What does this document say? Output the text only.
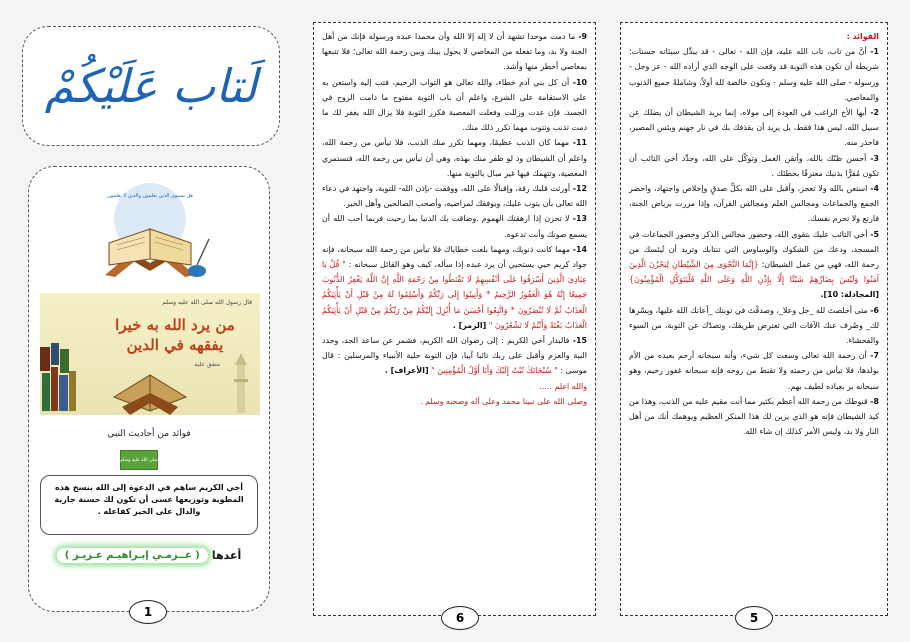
لَتاب عَلَيْكُمْ
هل يستوى الذين يعلمون والذين لا يعلمون
قال رسول الله صلى الله عليه وسلم
من يرد الله به خيرا يفقهه في الدين
متفق عليه
فوائد من أحاديث النبي
صلى الله عليه وسلم
أخي الكريم ساهم في الدعوة إلى الله بنسخ هذه المطوية وتوزيعها عسى أن تكون لك حسنة جارية والدال على الخير كفاعله .
أعدها
( عــزمـي إبـراهيـم عـزيـز )
1

9- ما دمت موحدا تشهد أن لا إله إلا الله وأن محمدا عبده ورسوله فإنك من أهل الجنة ولا بد، وما تفعله من المعاصي لا يحول بينك وبين رحمة الله تعالى؛ فلا تتبعها بمعاصي أخطر منها وأشد.

10- أن كل بني آدم خطاء، والله تعالى هو التواب الرحيم، فتب إليه واستعن به على الاستقامة على الشرع، واعلم أن باب التوبة مفتوح ما دامت الروح في الجسد، فإن عدت وزللت وفعلت المعصية فكرر التوبة فلا يزال الله يغفر لك ما دمت تذنب وتتوب مهما تكرر ذلك منك.

11- مهما كان الذنب عظيمًا، ومهما تكرر منك الذنب، فلا تيأس من رحمة الله، واعلم أن الشيطان ود لو ظفر منك بهذه، وهي أن تيأس من رحمة الله، فتستمري المعصية، وتتهمك فيها غير مبال بالتوبة منها.

12- أورثت قلبك رقة، وإقبالًا على الله، ووفقت -بإذن الله- للتوبة، واجتهد في دعاء الله تعالى بأن يتوب عليك، ويوفقك لمراضيه، وأصحب الصالحين وأهل الخير.

13- لا تحزن إذا ارهقتك الهموم .وضاقت بك الدنيا بما رحبت فربما أحب الله أن يسمع صوتك وأنت تدعوه.

14- مهما كانت ذنوبك، ومهما بلغت خطاياك فلا تيأس من رحمة الله سبحانه، فإنه جواد كريم حيي يستحيي أن يرد عبده إذا سأله، كيف وهو القائل سبحانه : " قُلْ يَا عِبَادِيَ الَّذِينَ أَسْرَفُوا عَلَى أَنْفُسِهِمْ لَا تَقْنَطُوا مِنْ رَحْمَةِ اللَّهِ إِنَّ اللَّهَ يَغْفِرُ الذُّنُوبَ جَمِيعًا إِنَّهُ هُوَ الْغَفُورُ الرَّحِيمُ * وَأَنِيبُوا إِلَى رَبِّكُمْ وَأَسْلِمُوا لَهُ مِنْ قَبْلِ أَنْ يَأْتِيَكُمُ الْعَذَابُ ثُمَّ لَا تُنْصَرُونَ * وَاتَّبِعُوا أَحْسَنَ مَا أُنْزِلَ إِلَيْكُمْ مِنْ رَبِّكُمْ مِنْ قَبْلِ أَنْ يَأْتِيَكُمُ الْعَذَابُ بَغْتَةً وَأَنْتُمْ لَا تَشْعُرُونَ " [الزمر] .

15- فالبدار أخي الكريم : إلى رضوان الله الكريم، فشمر عن ساعد الجد، وجدد النية والعزم وأقبل على ربك تائبا آيبا، فإن التوبة حلية الأنبياء والمرسلين : قال موسى : " سُبْحَانَكَ تُبْتُ إِلَيْكَ وَأَنَا أَوَّلُ الْمُؤْمِنِينَ " [الأعراف] .

والله اعلم .....

وصلى الله على نبينا محمد وعلى آله وصحبه وسلم .

6

الفوائد :

1- أنَّ من تاب، تاب الله عليه، فإن الله - تعالى - قد يبدِّل سيئاته حسنات؛ شريطة أن تكون هذه التوبة قد وقعت على الوجه الذي أراده الله - عز وجل - ورسوله - صلى الله عليه وسلم - وتكون خالصة لله أولاً، وشاملةً جميع الذنوب والمعاصي.

2- أيها الأخ الراغب في العودة إلى مولاه، إنما يريد الشيطان أن يضلك عن سبيل الله، ليس هذا فقط، بل يريد أن يقذفك بك في نار جهنم وبئس المصير، فاحذر منه.

3- أحسن ظنّك بالله، وأتقن العمل وتوكّل على الله، وجدِّد أخي التائب أن تكون مُقرًّا بذنبك معترفًا بخطئك .

4- استعن بالله ولا تعجز، وأقبل على الله بكلِّ صدقٍ وإخلاص واجتهاد، واحضر الجمع والجماعات ومجالس العلم ومجالس القرآن، وإذا مررت برياض الجنة، فارتع ولا تحرم نفسك.

5- أخي التائب عليك بتقوى الله، وحضور مجالس الذكر وحضور الجماعات في المسجد، ودعك من الشكوك والوساوس التي تنتابك وتريد أن تُيئسك من رحمة الله، فهي من عمل الشيطان؛ {إِنَّمَا النَّجْوَى مِنَ الشَّيْطَانِ لِيَحْزُنَ الَّذِينَ آمَنُوا وَلَيْسَ بِضَارِّهِمْ شَيْئًا إِلَّا بِإِذْنِ اللَّهِ وَعَلَى اللَّهِ فَلْيَتَوَكَّلِ الْمُؤْمِنُونَ} [المجادلة: 10].

6- متى أخلصتَ لله _جل وعلا_، وصدقْتَ في توبتك _أعانك الله عليها، ويسّرها لك_ وصُرف عنك الآفات التي تعترض طريقك، وتصدّك عن التوبة، من السوء والفحشاء.

7- أن رحمة الله تعالى وسعت كل شيء، وأنه سبحانه أرحم بعبده من الأم بولدها، فلا تيأس من رحمته ولا تقنط من روحه فإنه سبحانه غفور رحيم، وهو سبحانه بر بعباده لطيف بهم.

8- قنوطك من رحمة الله أعظم بكثير مما أنت مقيم عليه من الذنب، وهذا من كيد الشيطان فإنه هو الذي يزين لك هذا المنكر العظيم ويوهمك أنك من أهل النار ولا بد، وليس الأمر كذلك إن شاء الله.

5
